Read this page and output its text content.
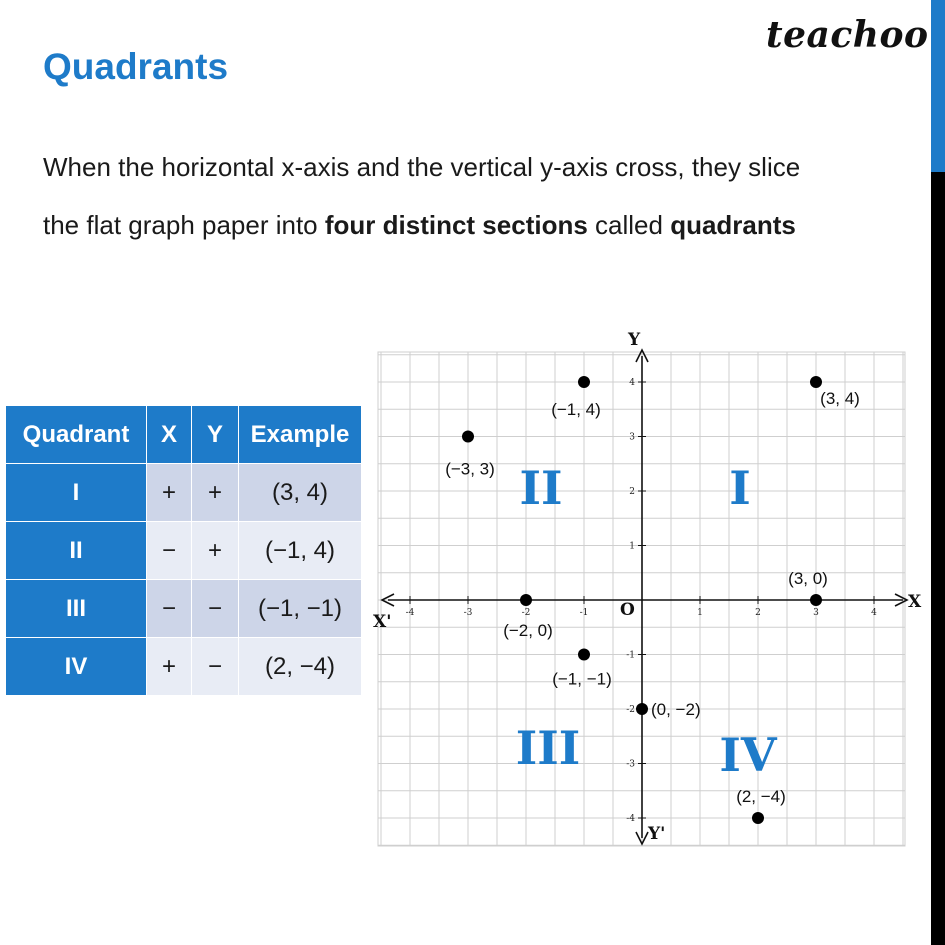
teachoo
Quadrants
When the horizontal x-axis and the vertical y-axis cross, they slice
the flat graph paper into four distinct sections called quadrants
Quadrant	X	Y	Example
I	+	+	(3, 4)
II	−	+	(−1, 4)
III	−	−	(−1, −1)
IV	+	−	(2, −4)
-4	-3	-2	-1	1	2	3	4
4
3
2
1
-1
-2
-3
-4
X
X'
Y
Y'
O
I
II
III	IV
(−1, 4)
(3, 4)
(−3, 3)
(3, 0)
(−2, 0)
(−1, −1)
(0, −2)
(2, −4)
